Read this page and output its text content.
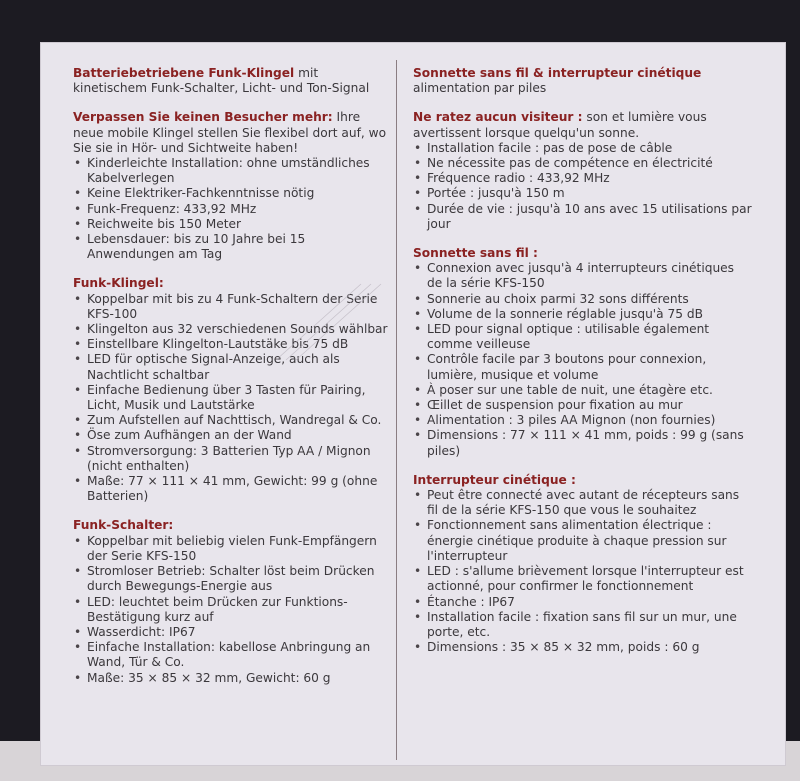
Batteriebetriebene Funk-Klingel mit kinetischem Funk-Schalter, Licht- und Ton-Signal

Verpassen Sie keinen Besucher mehr: Ihre neue mobile Klingel stellen Sie flexibel dort auf, wo Sie sie in Hör- und Sichtweite haben!

• Kinderleichte Installation: ohne umständliches Kabelverlegen
• Keine Elektriker-Fachkenntnisse nötig
• Funk-Frequenz: 433,92 MHz
• Reichweite bis 150 Meter
• Lebensdauer: bis zu 10 Jahre bei 15 Anwendungen am Tag
Funk-Klingel:
• Koppelbar mit bis zu 4 Funk-Schaltern der Serie KFS-100
• Klingelton aus 32 verschiedenen Sounds wählbar
• Einstellbare Klingelton-Lautstäke bis 75 dB
• LED für optische Signal-Anzeige, auch als Nachtlicht schaltbar
• Einfache Bedienung über 3 Tasten für Pairing, Licht, Musik und Lautstärke
• Zum Aufstellen auf Nachttisch, Wandregal & Co.
• Öse zum Aufhängen an der Wand
• Stromversorgung: 3 Batterien Typ AA / Mignon (nicht enthalten)
• Maße: 77 × 111 × 41 mm, Gewicht: 99 g (ohne Batterien)
Funk-Schalter:
• Koppelbar mit beliebig vielen Funk-Empfängern der Serie KFS-150
• Stromloser Betrieb: Schalter löst beim Drücken durch Bewegungs-Energie aus
• LED: leuchtet beim Drücken zur Funktions-Bestätigung kurz auf
• Wasserdicht: IP67
• Einfache Installation: kabellose Anbringung an Wand, Tür & Co.
• Maße: 35 × 85 × 32 mm, Gewicht: 60 g
Sonnette sans fil & interrupteur cinétique
alimentation par piles

Ne ratez aucun visiteur : son et lumière vous avertissent lorsque quelqu'un sonne.

• Installation facile : pas de pose de câble
• Ne nécessite pas de compétence en électricité
• Fréquence radio : 433,92 MHz
• Portée : jusqu'à 150 m
• Durée de vie : jusqu'à 10 ans avec 15 utilisations par jour
Sonnette sans fil :
• Connexion avec jusqu'à 4 interrupteurs cinétiques de la série KFS-150
• Sonnerie au choix parmi 32 sons différents
• Volume de la sonnerie réglable jusqu'à 75 dB
• LED pour signal optique : utilisable également comme veilleuse
• Contrôle facile par 3 boutons pour connexion, lumière, musique et volume
• À poser sur une table de nuit, une étagère etc.
• Œillet de suspension pour fixation au mur
• Alimentation : 3 piles AA Mignon (non fournies)
• Dimensions : 77 × 111 × 41 mm, poids : 99 g (sans piles)
Interrupteur cinétique :
• Peut être connecté avec autant de récepteurs sans fil de la série KFS-150 que vous le souhaitez
• Fonctionnement sans alimentation électrique : énergie cinétique produite à chaque pression sur l'interrupteur
• LED : s'allume brièvement lorsque l'interrupteur est actionné, pour confirmer le fonctionnement
• Étanche : IP67
• Installation facile : fixation sans fil sur un mur, une porte, etc.
• Dimensions : 35 × 85 × 32 mm, poids : 60 g
